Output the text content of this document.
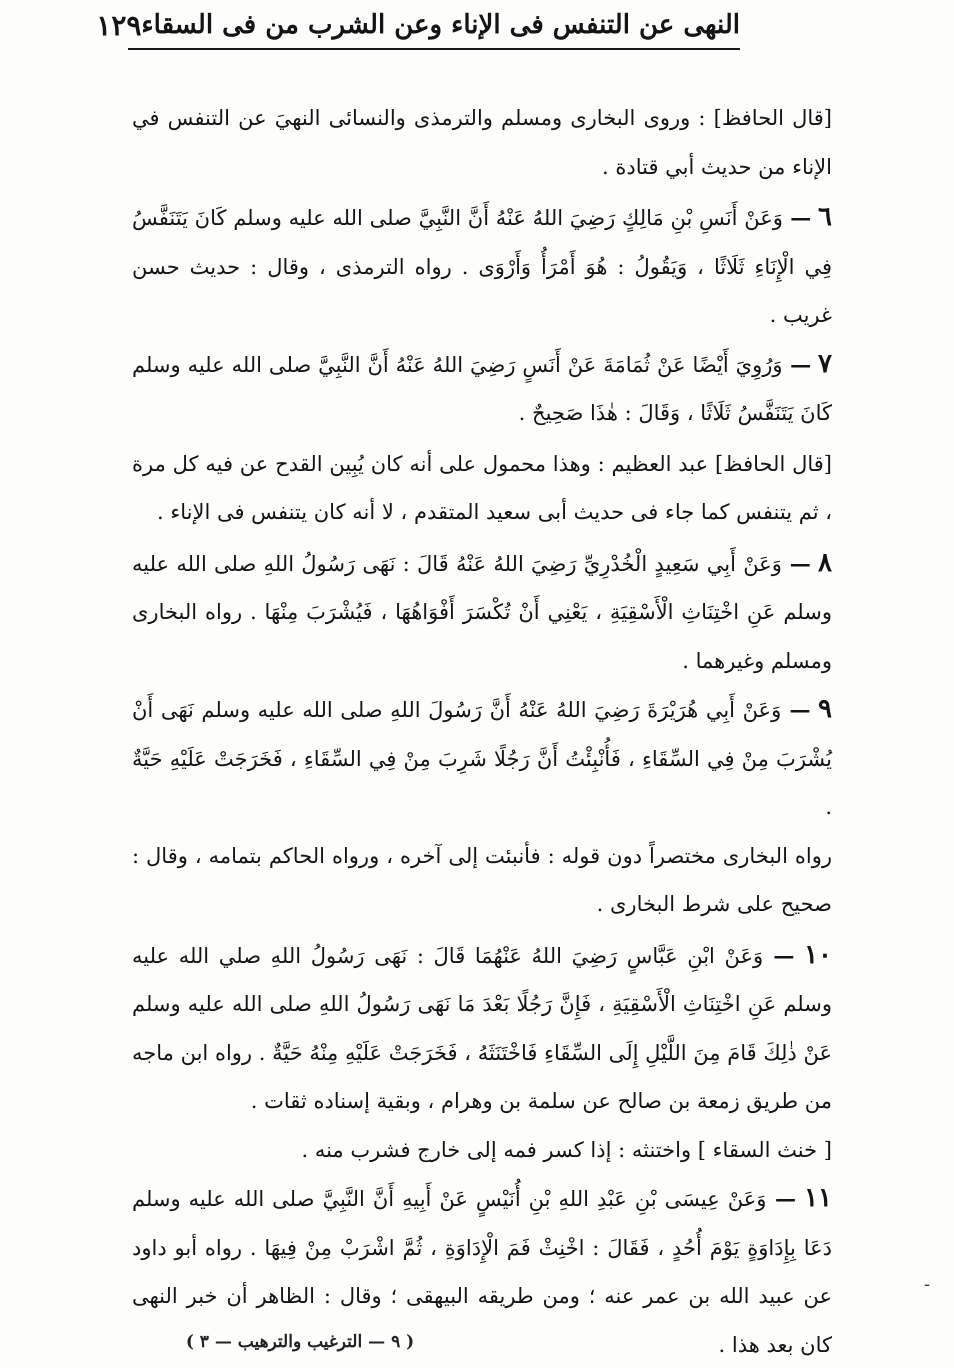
النهى عن التنفس فى الإناء وعن الشرب من فى السقاء
١٢٩

[قال الحافظ] : وروى البخارى ومسلم والترمذى والنسائى النهيَ عن التنفس في الإناء من حديث أبي قتادة .

٦ — وَعَنْ أَنَسِ بْنِ مَالِكٍ رَضِيَ اللهُ عَنْهُ أَنَّ النَّبِيَّ صلى الله عليه وسلم كَانَ يَتَنَفَّسُ فِي الْإِنَاءِ ثَلَاثًا ، وَيَقُولُ : هُوَ أَمْرَأُ وَأَرْوَى . رواه الترمذى ، وقال : حديث حسن غريب .

٧ — وَرُوِيَ أَيْضًا عَنْ ثُمَامَةَ عَنْ أَنَسٍ رَضِيَ اللهُ عَنْهُ أَنَّ النَّبِيَّ صلى الله عليه وسلم كَانَ يَتَنَفَّسُ ثَلَاثًا ، وَقَالَ : هٰذَا صَحِيحٌ .

[قال الحافظ] عبد العظيم : وهذا محمول على أنه كان يُبِين القدح عن فيه كل مرة ، ثم يتنفس كما جاء فى حديث أبى سعيد المتقدم ، لا أنه كان يتنفس فى الإناء .

٨ — وَعَنْ أَبِي سَعِيدٍ الْخُدْرِيِّ رَضِيَ اللهُ عَنْهُ قَالَ : نَهَى رَسُولُ اللهِ صلى الله عليه وسلم عَنِ اخْتِنَاثِ الْأَسْقِيَةِ ، يَعْنِي أَنْ تُكْسَرَ أَفْوَاهُهَا ، فَيُشْرَبَ مِنْهَا . رواه البخارى ومسلم وغيرهما .

٩ — وَعَنْ أَبِي هُرَيْرَةَ رَضِيَ اللهُ عَنْهُ أَنَّ رَسُولَ اللهِ صلى الله عليه وسلم نَهَى أَنْ يُشْرَبَ مِنْ فِي السِّقَاءِ ، فَأُنْبِئْتُ أَنَّ رَجُلًا شَرِبَ مِنْ فِي السِّقَاءِ ، فَخَرَجَتْ عَلَيْهِ حَيَّةٌ .

رواه البخارى مختصراً دون قوله : فأنبئت إلى آخره ، ورواه الحاكم بتمامه ، وقال : صحيح على شرط البخارى .

١٠ — وَعَنْ ابْنِ عَبَّاسٍ رَضِيَ اللهُ عَنْهُمَا قَالَ : نَهَى رَسُولُ اللهِ صلي الله عليه وسلم عَنِ اخْتِنَاثِ الْأَسْقِيَةِ ، فَإِنَّ رَجُلًا بَعْدَ مَا نَهَى رَسُولُ اللهِ صلى الله عليه وسلم عَنْ ذٰلِكَ قَامَ مِنَ اللَّيْلِ إِلَى السِّقَاءِ فَاخْتَنَثَهُ ، فَخَرَجَتْ عَلَيْهِ مِنْهُ حَيَّةٌ . رواه ابن ماجه من طريق زمعة بن صالح عن سلمة بن وهرام ، وبقية إسناده ثقات .

[ خنث السقاء ] واختنثه : إذا كسر فمه إلى خارج فشرب منه .

١١ — وَعَنْ عِيسَى بْنِ عَبْدِ اللهِ بْنِ أُنَيْسٍ عَنْ أَبِيهِ أَنَّ النَّبِيَّ صلى الله عليه وسلم دَعَا بِإِدَاوَةٍ يَوْمَ أُحُدٍ ، فَقَالَ : اخْنِثْ فَمَ الْإِدَاوَةِ ، ثُمَّ اشْرَبْ مِنْ فِيهَا . رواه أبو داود عن عبيد الله بن عمر عنه ؛ ومن طريقه البيهقى ؛ وقال : الظاهر أن خبر النهى كان بعد هذا .

( ٩ — الترغيب والترهيب — ٣ )
-
